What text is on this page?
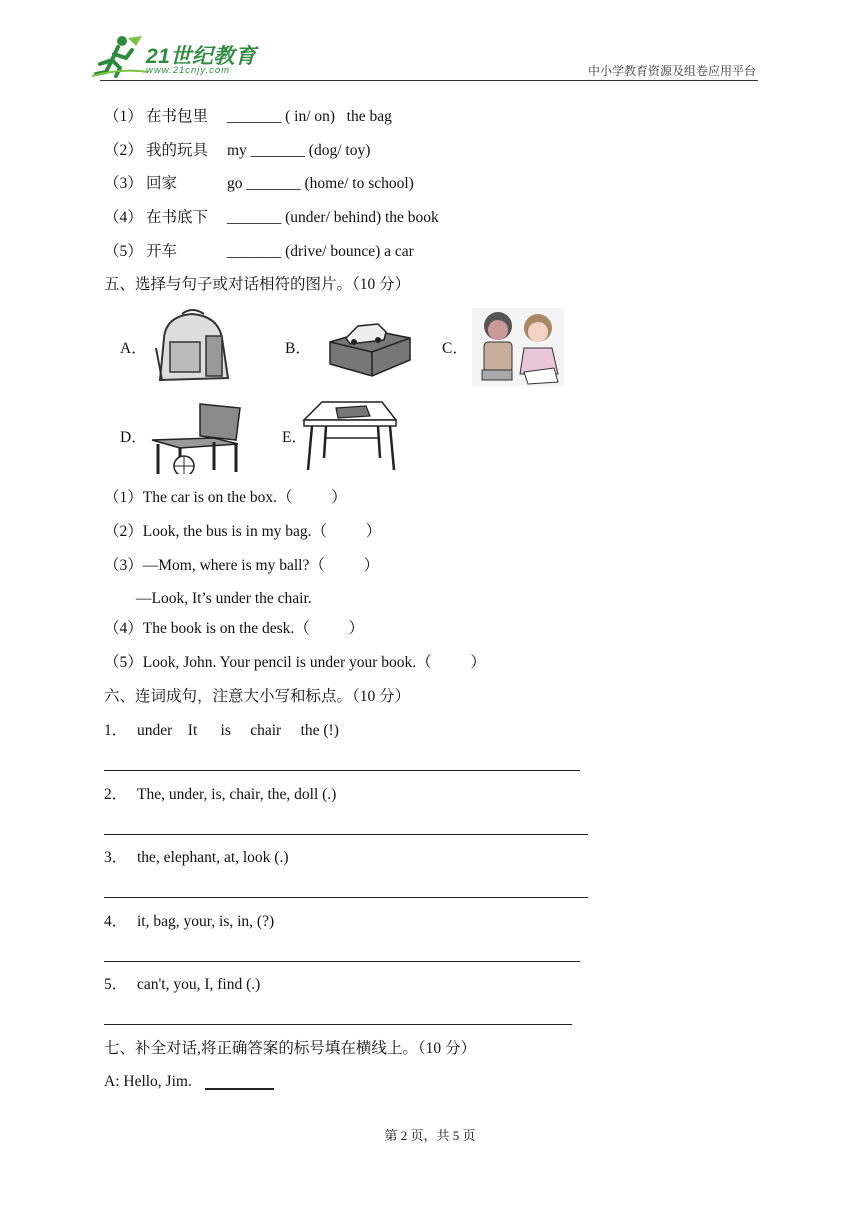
21世纪教育
www.21cnjy.com	中小学教育资源及组卷应用平台
（1） 在书包里 _______ ( in/ on)   the bag
（2） 我的玩具 my _______ (dog/ toy)
（3） 回家	go _______ (home/ to school)
（4） 在书底下 _______ (under/ behind) the book
（5） 开车	_______ (drive/ bounce) a car
五、选择与句子或对话相符的图片。（10 分）
A．	B．	C．
D．	E．
（1）The car is on the box.（          ）
（2）Look, the bus is in my bag.（          ）
（3）—Mom, where is my ball?（          ）
—Look, It’s under the chair.
（4）The book is on the desk.（          ）
（5）Look, John. Your pencil is under your book.（          ）
六、连词成句，注意大小写和标点。（10 分）
1． under    It      is     chair     the (!)
2． The, under, is, chair, the, doll (.)
3． the, elephant, at, look (.)
4． it, bag, your, is, in, (?)
5． can't, you, I, find (.)
七、补全对话,将正确答案的标号填在横线上。（10 分）
A: Hello, Jim.
第 2 页，共 5 页
